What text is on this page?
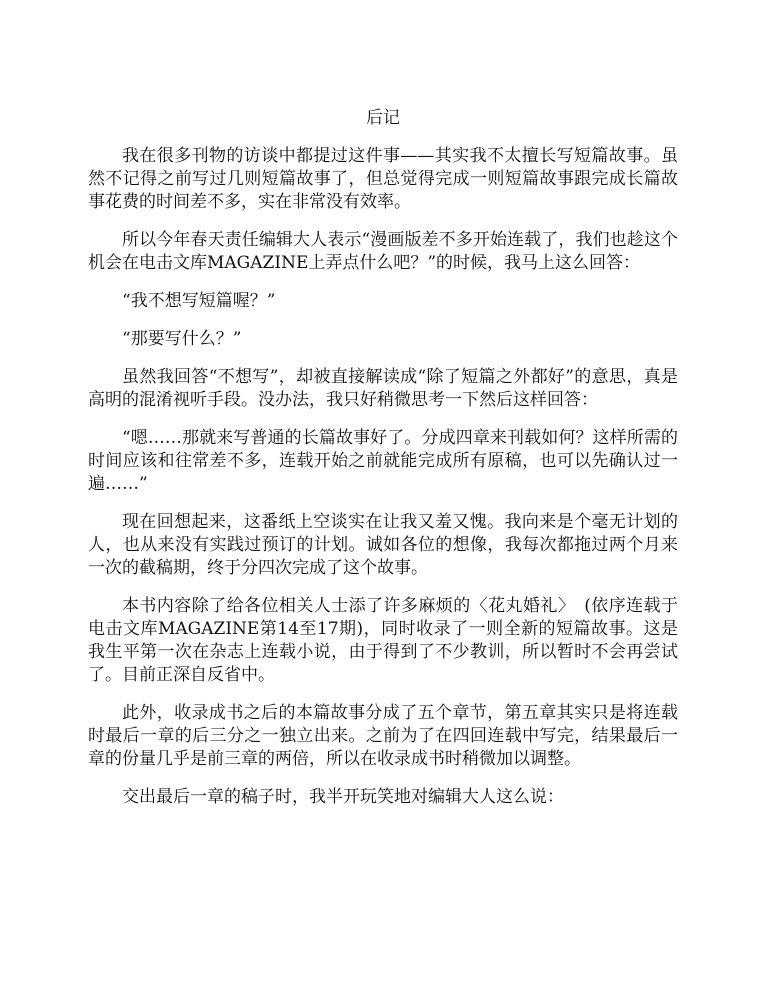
后记

我在很多刊物的访谈中都提过这件事——其实我不太擅长写短篇故事。虽然不记得之前写过几则短篇故事了，但总觉得完成一则短篇故事跟完成长篇故事花费的时间差不多，实在非常没有效率。

所以今年春天责任编辑大人表示“漫画版差不多开始连载了，我们也趁这个机会在电击文库MAGAZINE上弄点什么吧？”的时候，我马上这么回答：

“我不想写短篇喔？”

“那要写什么？”

虽然我回答“不想写”，却被直接解读成“除了短篇之外都好”的意思，真是高明的混淆视听手段。没办法，我只好稍微思考一下然后这样回答：

“嗯……那就来写普通的长篇故事好了。分成四章来刊载如何？这样所需的时间应该和往常差不多，连载开始之前就能完成所有原稿，也可以先确认过一遍……”

现在回想起来，这番纸上空谈实在让我又羞又愧。我向来是个毫无计划的人，也从来没有实践过预订的计划。诚如各位的想像，我每次都拖过两个月来一次的截稿期，终于分四次完成了这个故事。

本书内容除了给各位相关人士添了许多麻烦的〈花丸婚礼〉　(依序连载于电击文库MAGAZINE第14至17期)，同时收录了一则全新的短篇故事。这是我生平第一次在杂志上连载小说，由于得到了不少教训，所以暂时不会再尝试了。目前正深自反省中。

此外，收录成书之后的本篇故事分成了五个章节，第五章其实只是将连载时最后一章的后三分之一独立出来。之前为了在四回连载中写完，结果最后一章的份量几乎是前三章的两倍，所以在收录成书时稍微加以调整。

交出最后一章的稿子时，我半开玩笑地对编辑大人这么说：
